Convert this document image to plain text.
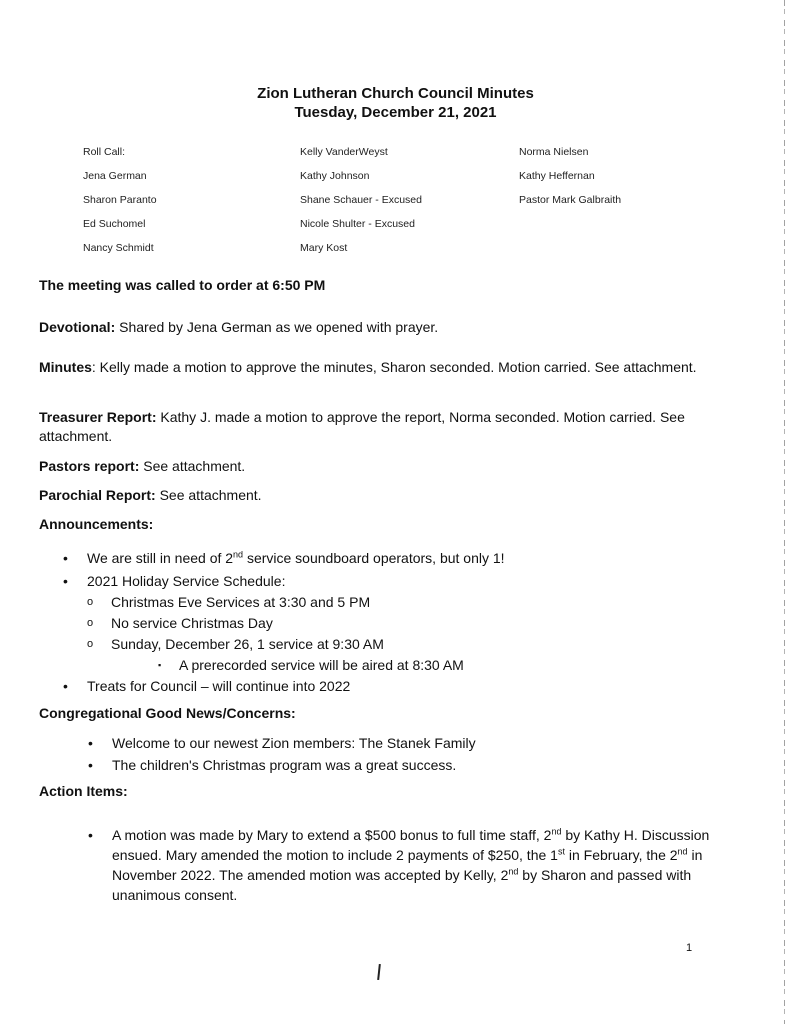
Zion Lutheran Church Council Minutes
Tuesday, December 21, 2021
Roll Call:
Jena German
Sharon Paranto
Ed Suchomel
Nancy Schmidt
Kelly VanderWeyst
Kathy Johnson
Shane Schauer - Excused
Nicole Shulter - Excused
Mary Kost
Norma Nielsen
Kathy Heffernan
Pastor Mark Galbraith
The meeting was called to order at 6:50 PM
Devotional: Shared by Jena German as we opened with prayer.
Minutes: Kelly made a motion to approve the minutes, Sharon seconded. Motion carried. See attachment.
Treasurer Report: Kathy J. made a motion to approve the report, Norma seconded. Motion carried. See attachment.
Pastors report: See attachment.
Parochial Report: See attachment.
Announcements:
• We are still in need of 2nd service soundboard operators, but only 1!
• 2021 Holiday Service Schedule:
o Christmas Eve Services at 3:30 and 5 PM
o No service Christmas Day
o Sunday, December 26, 1 service at 9:30 AM
▪ A prerecorded service will be aired at 8:30 AM
• Treats for Council – will continue into 2022
Congregational Good News/Concerns:
• Welcome to our newest Zion members: The Stanek Family
• The children's Christmas program was a great success.
Action Items:
• A motion was made by Mary to extend a $500 bonus to full time staff, 2nd by Kathy H. Discussion ensued. Mary amended the motion to include 2 payments of $250, the 1st in February, the 2nd in November 2022. The amended motion was accepted by Kelly, 2nd by Sharon and passed with unanimous consent.
1
